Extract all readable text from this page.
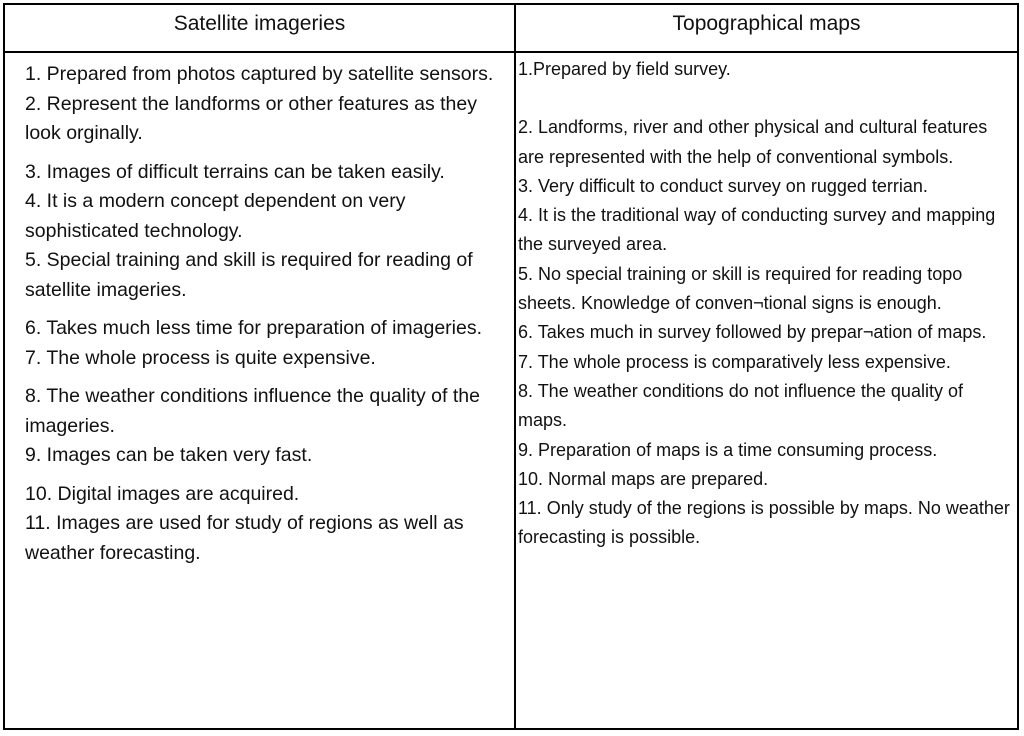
Satellite imageries	Topographical maps
1. Prepared from photos captured by satellite sensors.
2. Represent the landforms or other features as they look orginally.
3. Images of difficult terrains can be taken easily.
4. It is a modern concept dependent on very sophisticated technology.
5. Special training and skill is required for reading of satellite imageries.
6. Takes much less time for preparation of imageries.
7. The whole process is quite expensive.
8. The weather conditions influence the quality of the imageries.
9. Images can be taken very fast.
10. Digital images are acquired.
11. Images are used for study of regions as well as weather forecasting.
1.Prepared by field survey.
2. Landforms, river and other physical and cultural features are represented with the help of conventional symbols.
3. Very difficult to conduct survey on rugged terrian.
4. It is the traditional way of conducting survey and mapping the surveyed area.
5. No special training or skill is required for reading topo sheets. Knowledge of conven¬tional signs is enough.
6. Takes much in survey followed by prepar¬ation of maps.
7. The whole process is comparatively less expensive.
8. The weather conditions do not influence the quality of maps.
9. Preparation of maps is a time consuming process.
10. Normal maps are prepared.
11. Only study of the regions is possible by maps. No weather forecasting is possible.
